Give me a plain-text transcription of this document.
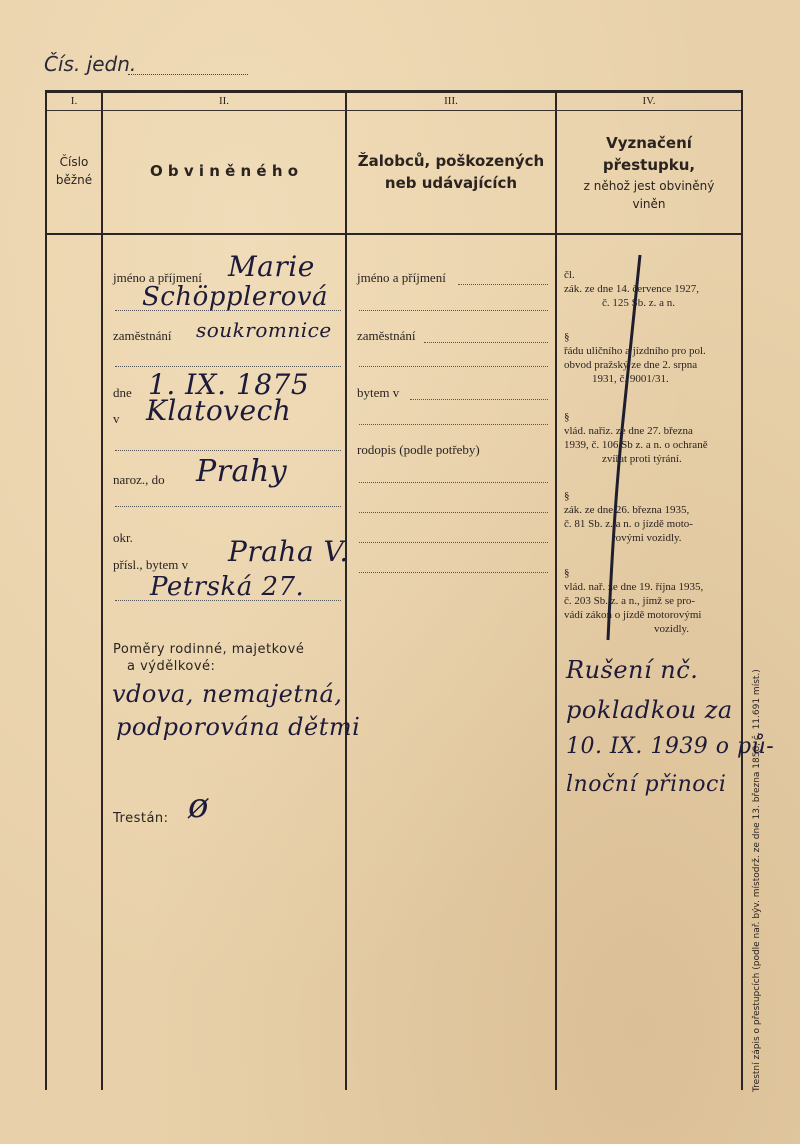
Čís. jedn.
I.	II.	III.	IV.
Číslo
běžné	O b v i n ě n é h o
Žalobců, poškozených
neb udávajících
Vyznačení
přestupku,
z něhož jest obviněný
viněn
jméno a příjmení Marie
Schöpplerová
zaměstnání soukromnice
dne 1. IX. 1875
v Klatovech
naroz., do Prahy
okr.
přísl., bytem v Praha V.
Petrská 27.
Poměry rodinné, majetkové
a výdělkové:
vdova, nemajetná,
podporována dětmi
Trestán: ø
jméno a příjmení
zaměstnání
bytem v
rodopis (podle potřeby)
čl.
zák. ze dne 14. července 1927,
č. 125 Sb. z. a n.
§
řádu uličního a jízdního pro pol.
obvod pražský ze dne 2. srpna
1931, č. 9001/31.
§
vlád. nařiz. ze dne 27. března
1939, č. 106 Sb z. a n. o ochraně
zvířat proti týrání.
§
zák. ze dne 26. března 1935,
č. 81 Sb. z. a n. o jízdě moto-
rovými vozidly.
§
vlád. nař. ze dne 19. října 1935,
č. 203 Sb. z. a n., jímž se pro-
vádí zákon o jízdě motorovými
vozidly.
Rušení nč.
pokladkou za
10. IX. 1939 o pů-
lnoční přinoci	Trestní zápis o přestupcích (podle nař. býv. místodrž. ze dne 13. března 1858, č. 11.691 míst.)
